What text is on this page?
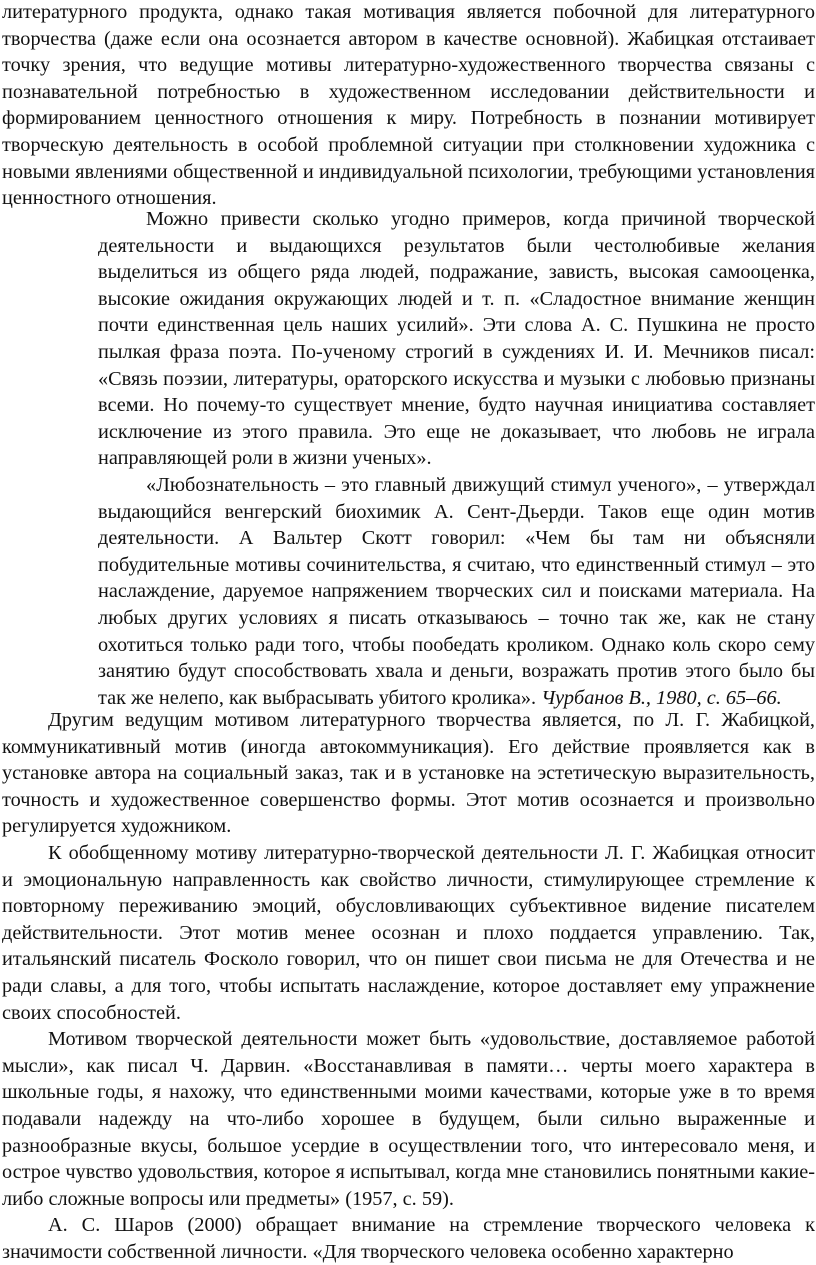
литературного продукта, однако такая мотивация является побочной для литературного творчества (даже если она осознается автором в качестве основной). Жабицкая отстаивает точку зрения, что ведущие мотивы литературно-художественного творчества связаны с познавательной потребностью в художественном исследовании действительности и формированием ценностного отношения к миру. Потребность в познании мотивирует творческую деятельность в особой проблемной ситуации при столкновении художника с новыми явлениями общественной и индивидуальной психологии, требующими установления ценностного отношения.

Можно привести сколько угодно примеров, когда причиной творческой деятельности и выдающихся результатов были честолюбивые желания выделиться из общего ряда людей, подражание, зависть, высокая самооценка, высокие ожидания окружающих людей и т. п. «Сладостное внимание женщин почти единственная цель наших усилий». Эти слова А. С. Пушкина не просто пылкая фраза поэта. По-ученому строгий в суждениях И. И. Мечников писал: «Связь поэзии, литературы, ораторского искусства и музыки с любовью признаны всеми. Но почему-то существует мнение, будто научная инициатива составляет исключение из этого правила. Это еще не доказывает, что любовь не играла направляющей роли в жизни ученых».

«Любознательность – это главный движущий стимул ученого», – утверждал выдающийся венгерский биохимик А. Сент-Дьерди. Таков еще один мотив деятельности. А Вальтер Скотт говорил: «Чем бы там ни объясняли побудительные мотивы сочинительства, я считаю, что единственный стимул – это наслаждение, даруемое напряжением творческих сил и поисками материала. На любых других условиях я писать отказываюсь – точно так же, как не стану охотиться только ради того, чтобы пообедать кроликом. Однако коль скоро сему занятию будут способствовать хвала и деньги, возражать против этого было бы так же нелепо, как выбрасывать убитого кролика». Чурбанов В., 1980, с. 65–66.

Другим ведущим мотивом литературного творчества является, по Л. Г. Жабицкой, коммуникативный мотив (иногда автокоммуникация). Его действие проявляется как в установке автора на социальный заказ, так и в установке на эстетическую выразительность, точность и художественное совершенство формы. Этот мотив осознается и произвольно регулируется художником.

К обобщенному мотиву литературно-творческой деятельности Л. Г. Жабицкая относит и эмоциональную направленность как свойство личности, стимулирующее стремление к повторному переживанию эмоций, обусловливающих субъективное видение писателем действительности. Этот мотив менее осознан и плохо поддается управлению. Так, итальянский писатель Фосколо говорил, что он пишет свои письма не для Отечества и не ради славы, а для того, чтобы испытать наслаждение, которое доставляет ему упражнение своих способностей.

Мотивом творческой деятельности может быть «удовольствие, доставляемое работой мысли», как писал Ч. Дарвин. «Восстанавливая в памяти… черты моего характера в школьные годы, я нахожу, что единственными моими качествами, которые уже в то время подавали надежду на что-либо хорошее в будущем, были сильно выраженные и разнообразные вкусы, большое усердие в осуществлении того, что интересовало меня, и острое чувство удовольствия, которое я испытывал, когда мне становились понятными какие-либо сложные вопросы или предметы» (1957, с. 59).

А. С. Шаров (2000) обращает внимание на стремление творческого человека к значимости собственной личности. «Для творческого человека особенно характерно
